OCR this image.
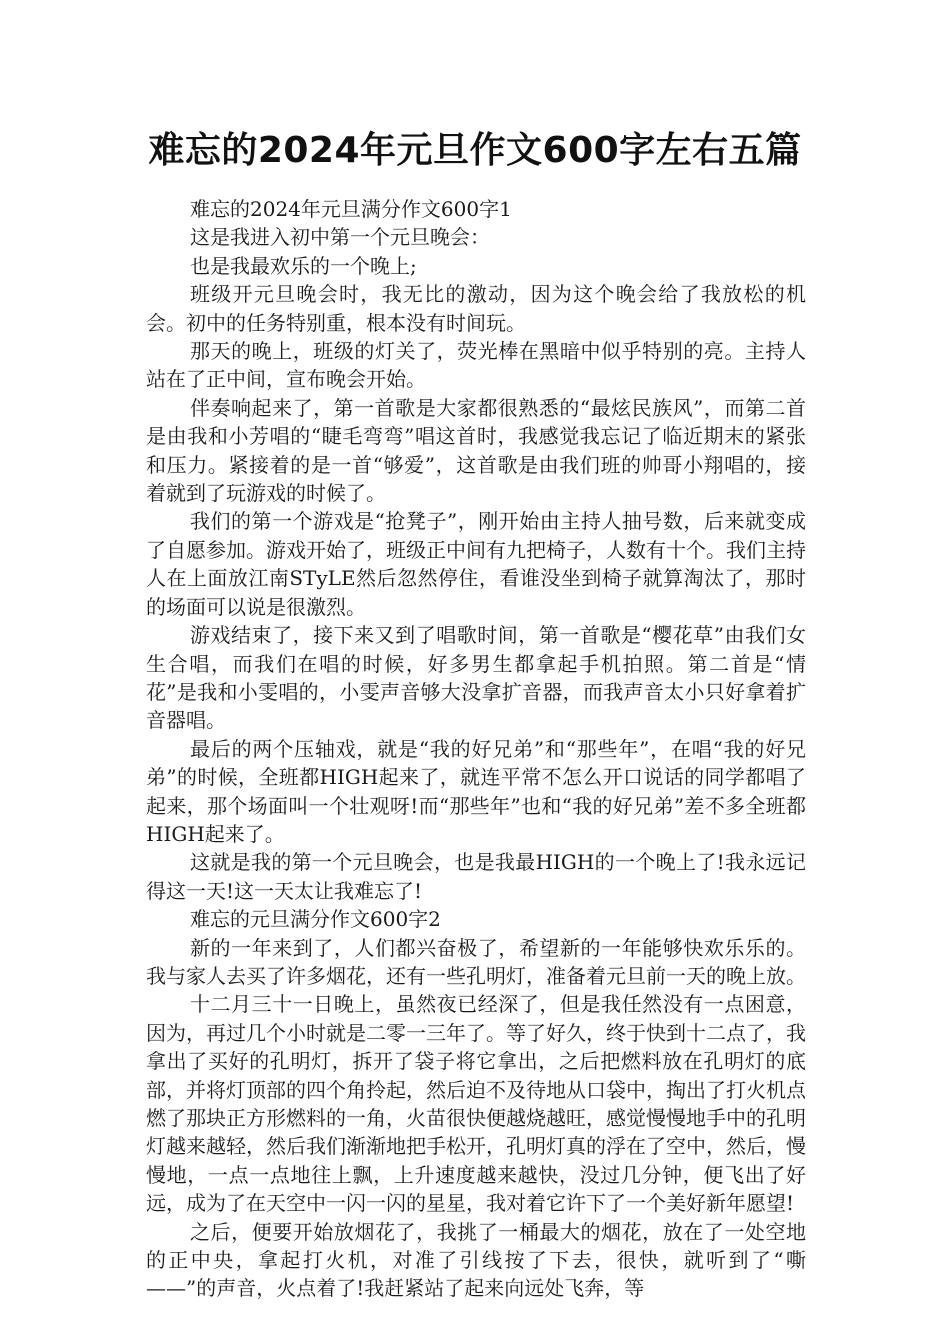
难忘的2024年元旦作文600字左右五篇

难忘的2024年元旦满分作文600字1

这是我进入初中第一个元旦晚会：

也是我最欢乐的一个晚上;

班级开元旦晚会时，我无比的激动，因为这个晚会给了我放松的机会。初中的任务特别重，根本没有时间玩。

那天的晚上，班级的灯关了，荧光棒在黑暗中似乎特别的亮。主持人站在了正中间，宣布晚会开始。

伴奏响起来了，第一首歌是大家都很熟悉的“最炫民族风”，而第二首是由我和小芳唱的“睫毛弯弯”唱这首时，我感觉我忘记了临近期末的紧张和压力。紧接着的是一首“够爱”，这首歌是由我们班的帅哥小翔唱的，接着就到了玩游戏的时候了。

我们的第一个游戏是“抢凳子”，刚开始由主持人抽号数，后来就变成了自愿参加。游戏开始了，班级正中间有九把椅子，人数有十个。我们主持人在上面放江南STyLE然后忽然停住，看谁没坐到椅子就算淘汰了，那时的场面可以说是很激烈。

游戏结束了，接下来又到了唱歌时间，第一首歌是“樱花草”由我们女生合唱，而我们在唱的时候，好多男生都拿起手机拍照。第二首是“情花”是我和小雯唱的，小雯声音够大没拿扩音器，而我声音太小只好拿着扩音器唱。

最后的两个压轴戏，就是“我的好兄弟”和“那些年”，在唱“我的好兄弟”的时候，全班都HIGH起来了，就连平常不怎么开口说话的同学都唱了起来，那个场面叫一个壮观呀!而“那些年”也和“我的好兄弟”差不多全班都HIGH起来了。

这就是我的第一个元旦晚会，也是我最HIGH的一个晚上了!我永远记得这一天!这一天太让我难忘了!

难忘的元旦满分作文600字2

新的一年来到了，人们都兴奋极了，希望新的一年能够快欢乐乐的。我与家人去买了许多烟花，还有一些孔明灯，准备着元旦前一天的晚上放。

十二月三十一日晚上，虽然夜已经深了，但是我任然没有一点困意，因为，再过几个小时就是二零一三年了。等了好久，终于快到十二点了，我拿出了买好的孔明灯，拆开了袋子将它拿出，之后把燃料放在孔明灯的底部，并将灯顶部的四个角拎起，然后迫不及待地从口袋中，掏出了打火机点燃了那块正方形燃料的一角，火苗很快便越烧越旺，感觉慢慢地手中的孔明灯越来越轻，然后我们渐渐地把手松开，孔明灯真的浮在了空中，然后，慢慢地，一点一点地往上飘，上升速度越来越快，没过几分钟，便飞出了好远，成为了在天空中一闪一闪的星星，我对着它许下了一个美好新年愿望!

之后，便要开始放烟花了，我挑了一桶最大的烟花，放在了一处空地的正中央，拿起打火机，对准了引线按了下去，很快，就听到了“嘶——”的声音，火点着了!我赶紧站了起来向远处飞奔，等
